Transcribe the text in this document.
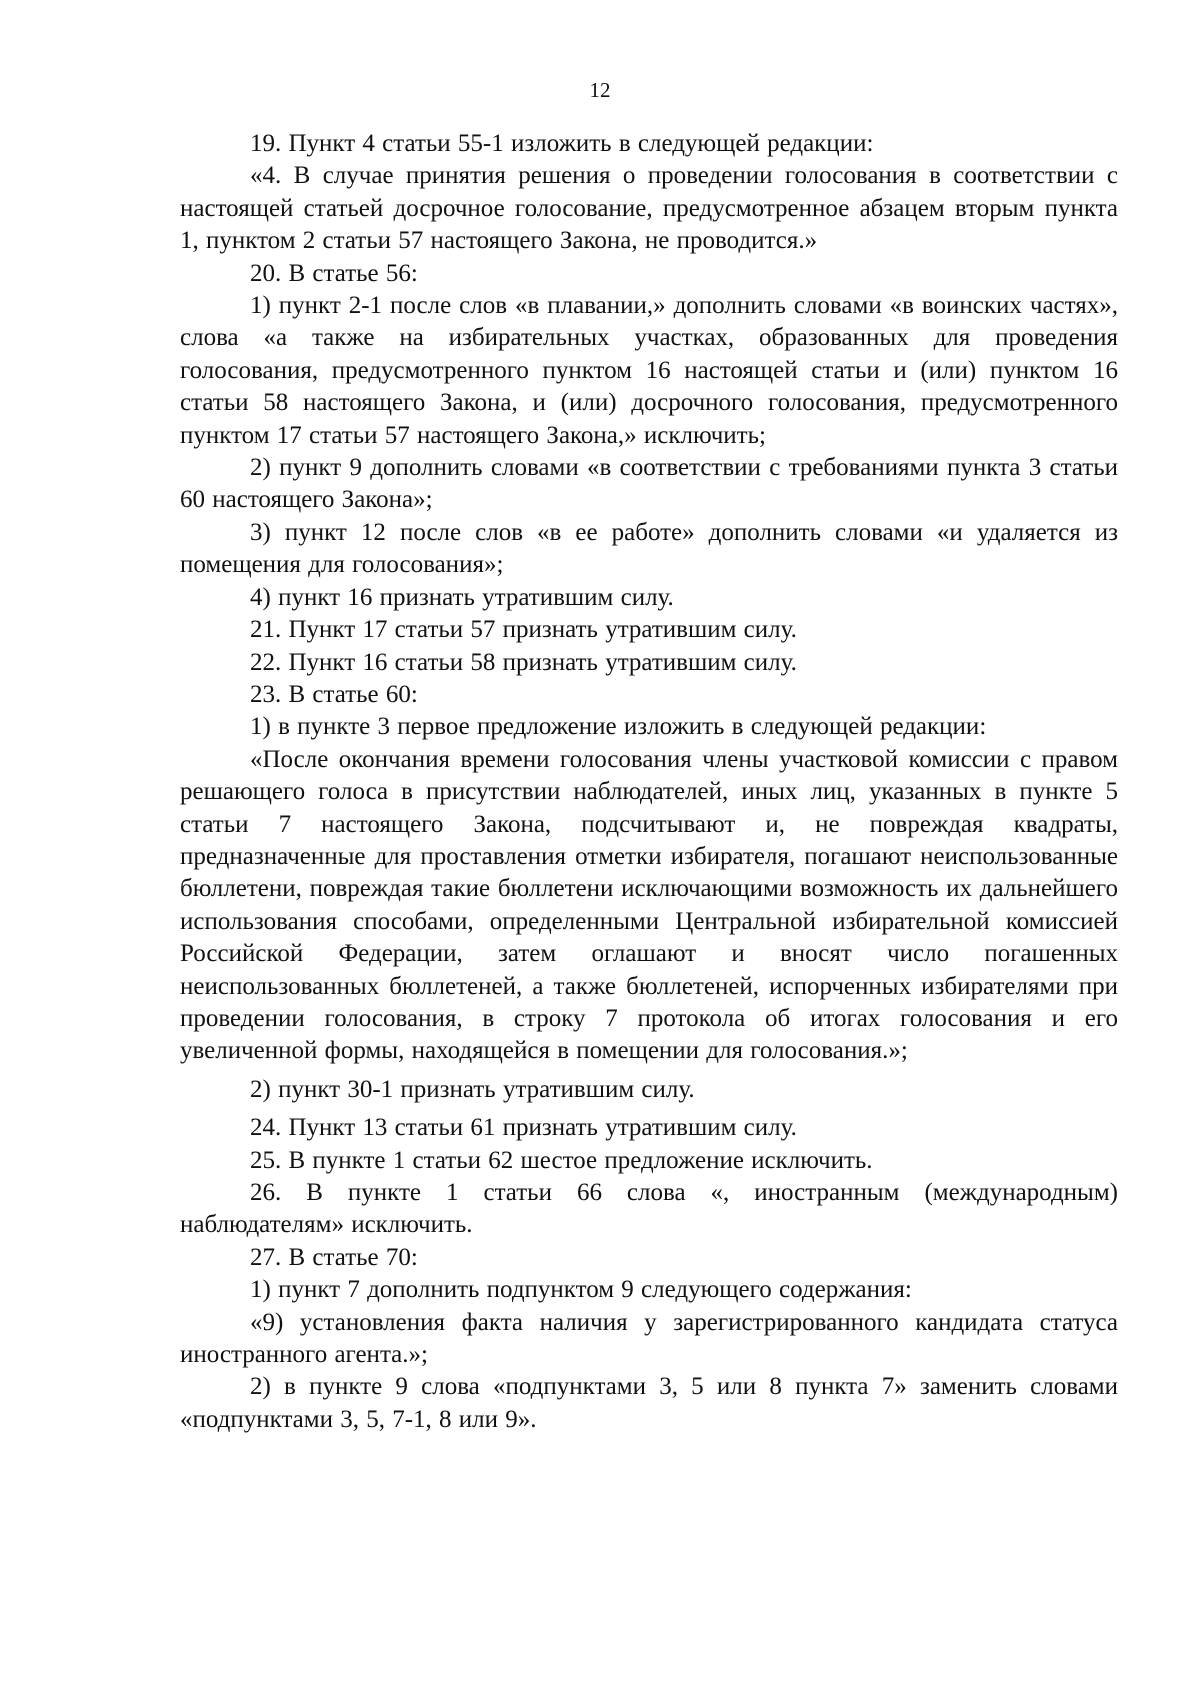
12

19. Пункт 4 статьи 55-1 изложить в следующей редакции:

«4. В случае принятия решения о проведении голосования в соответствии с настоящей статьей досрочное голосование, предусмотренное абзацем вторым пункта 1, пунктом 2 статьи 57 настоящего Закона, не проводится.»

20. В статье 56:

1) пункт 2-1 после слов «в плавании,» дополнить словами «в воинских частях», слова «а также на избирательных участках, образованных для проведения голосования, предусмотренного пунктом 16 настоящей статьи и (или) пунктом 16 статьи 58 настоящего Закона, и (или) досрочного голосования, предусмотренного пунктом 17 статьи 57 настоящего Закона,» исключить;

2) пункт 9 дополнить словами «в соответствии с требованиями пункта 3 статьи 60 настоящего Закона»;

3) пункт 12 после слов «в ее работе» дополнить словами «и удаляется из помещения для голосования»;

4) пункт 16 признать утратившим силу.

21. Пункт 17 статьи 57 признать утратившим силу.

22. Пункт 16 статьи 58 признать утратившим силу.

23. В статье 60:

1) в пункте 3 первое предложение изложить в следующей редакции:

«После окончания времени голосования члены участковой комиссии с правом решающего голоса в присутствии наблюдателей, иных лиц, указанных в пункте 5 статьи 7 настоящего Закона, подсчитывают и, не повреждая квадраты, предназначенные для проставления отметки избирателя, погашают неиспользованные бюллетени, повреждая такие бюллетени исключающими возможность их дальнейшего использования способами, определенными Центральной избирательной комиссией Российской Федерации, затем оглашают и вносят число погашенных неиспользованных бюллетеней, а также бюллетеней, испорченных избирателями при проведении голосования, в строку 7 протокола об итогах голосования и его увеличенной формы, находящейся в помещении для голосования.»;

2) пункт 30-1 признать утратившим силу.

24. Пункт 13 статьи 61 признать утратившим силу.

25. В пункте 1 статьи 62 шестое предложение исключить.

26. В пункте 1 статьи 66 слова «, иностранным (международным) наблюдателям» исключить.

27. В статье 70:

1) пункт 7 дополнить подпунктом 9 следующего содержания:

«9) установления факта наличия у зарегистрированного кандидата статуса иностранного агента.»;

2) в пункте 9 слова «подпунктами 3, 5 или 8 пункта 7» заменить словами «подпунктами 3, 5, 7-1, 8 или 9».
